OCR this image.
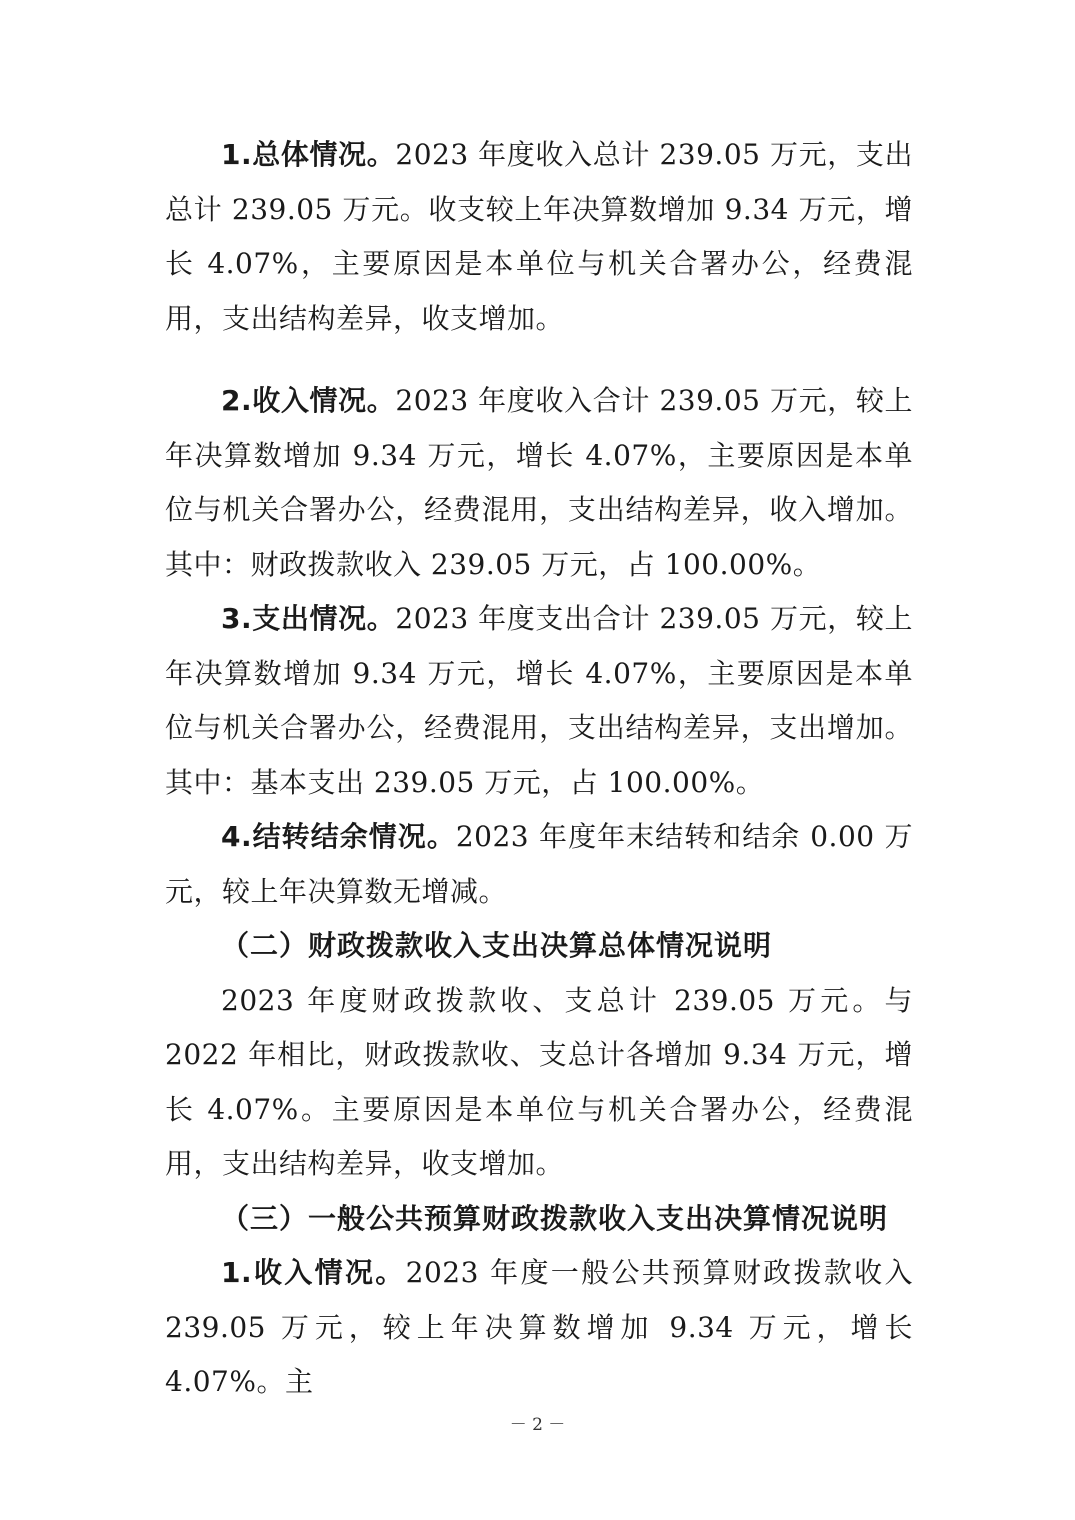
1.总体情况。2023 年度收入总计 239.05 万元，支出总计 239.05 万元。收支较上年决算数增加 9.34 万元，增长 4.07%，主要原因是本单位与机关合署办公，经费混用，支出结构差异，收支增加。

2.收入情况。2023 年度收入合计 239.05 万元，较上年决算数增加 9.34 万元，增长 4.07%，主要原因是本单位与机关合署办公，经费混用，支出结构差异，收入增加。其中：财政拨款收入 239.05 万元，占 100.00%。

3.支出情况。2023 年度支出合计 239.05 万元，较上年决算数增加 9.34 万元，增长 4.07%，主要原因是本单位与机关合署办公，经费混用，支出结构差异，支出增加。其中：基本支出 239.05 万元，占 100.00%。

4.结转结余情况。2023 年度年末结转和结余 0.00 万元，较上年决算数无增减。

（二）财政拨款收入支出决算总体情况说明

2023 年度财政拨款收、支总计 239.05 万元。与 2022 年相比，财政拨款收、支总计各增加 9.34 万元，增长 4.07%。主要原因是本单位与机关合署办公，经费混用，支出结构差异，收支增加。

（三）一般公共预算财政拨款收入支出决算情况说明

1.收入情况。2023 年度一般公共预算财政拨款收入 239.05 万元，较上年决算数增加 9.34 万元，增长 4.07%。主

－ 2 －
